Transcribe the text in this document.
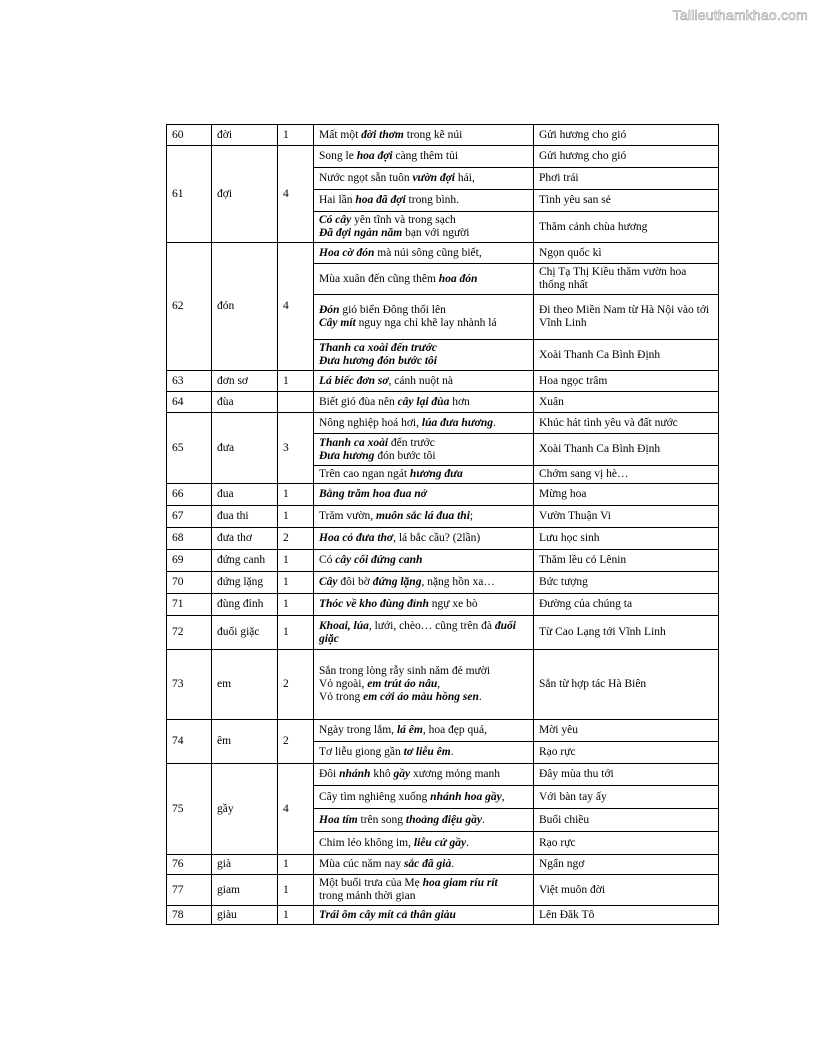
Tailieuthamkhao.com
60	đời	1	Mất một đời thơm trong kẽ núi	Gửi hương cho gió

61	đợi	4	Song le hoa đợi càng thêm tủi	Gửi hương cho gió

			Nước ngọt sẵn tuôn vườn đợi hái,	Phơi trái

			Hai lần hoa đã đợi trong bình.	Tình yêu san sẻ

			Có cây yên tĩnh và trong sạch
Đã đợi ngàn năm bạn với người	Thăm cảnh chùa hương

62	đón	4	Hoa cờ đón mà núi sông cũng biết,	Ngọn quốc kì

			Mùa xuân đến cũng thêm hoa đón	Chị Tạ Thị Kiều thăm vườn hoa thống nhất

			Đón gió biển Đông thổi lên
Cây mít nguy nga chỉ khẽ lay nhành lá	Đi theo Miền Nam từ Hà Nội vào tới Vĩnh Linh

			Thanh ca xoài đến trước
Đưa hương đón bước tôi	Xoài Thanh Ca Bình Định

63	đơn sơ	1	Lá biếc đơn sơ, cánh nuột nà	Hoa ngọc trâm

64	đùa		Biết gió đùa nên cây lại đùa hơn	Xuân

65	đưa	3	Nông nghiệp hoá hơi, lúa đưa hương.	Khúc hát tình yêu và đất nước

			Thanh ca xoài đến trước
Đưa hương đón bước tôi	Xoài Thanh Ca Bình Định

			Trên cao ngan ngát hương đưa	Chớm sang vị hè…

66	đua	1	Bằng trăm hoa đua nở	Mừng hoa

67	đua thi	1	Trăm vườn, muôn sắc lá đua thi;	Vườn Thuận Vi

68	đưa thơ	2	Hoa cỏ đưa thơ, lá bắc cầu? (2lần)	Lưu học sinh

69	đứng canh	1	Có cây cối đứng canh	Thăm lều cỏ Lênin

70	đứng lặng	1	Cây đôi bờ đứng lặng, nặng hồn xa…	Bức tượng

71	đùng đỉnh	1	Thóc về kho đùng đỉnh ngự xe bò	Đường của chúng ta

72	đuổi giặc	1	Khoai, lúa, lưới, chèo… cũng trên đà đuổi giặc	Từ Cao Lạng tới Vĩnh Linh

73	em	2	Sắn trong lòng rẫy sinh năm đẻ mười
Vỏ ngoài, em trút áo nâu,
Vỏ trong em cởi áo màu hồng sen.	Sắn từ hợp tác Hà Biên

74	êm	2	Ngày trong lắm, lá êm, hoa đẹp quá,	Mời yêu

			Tơ liễu giong gần tơ liễu êm.	Rạo rực

75	gầy	4	Đôi nhánh khô gầy xương mỏng manh	Đây mùa thu tới

			Cây tìm nghiêng xuống nhánh hoa gầy,	Với bàn tay ấy

			Hoa tím trên song thoảng điệu gầy.	Buổi chiều

			Chim léo không im, liễu cứ gầy.	Rạo rực

76	già	1	Mùa cúc năm nay sắc đã già.	Ngẩn ngơ

77	giam	1	Một buổi trưa của Mẹ hoa giam ríu rít
trong mảnh thời gian	Việt muôn đời

78	giàu	1	Trái ôm cây mít cả thân giàu	Lên Đăk Tô
